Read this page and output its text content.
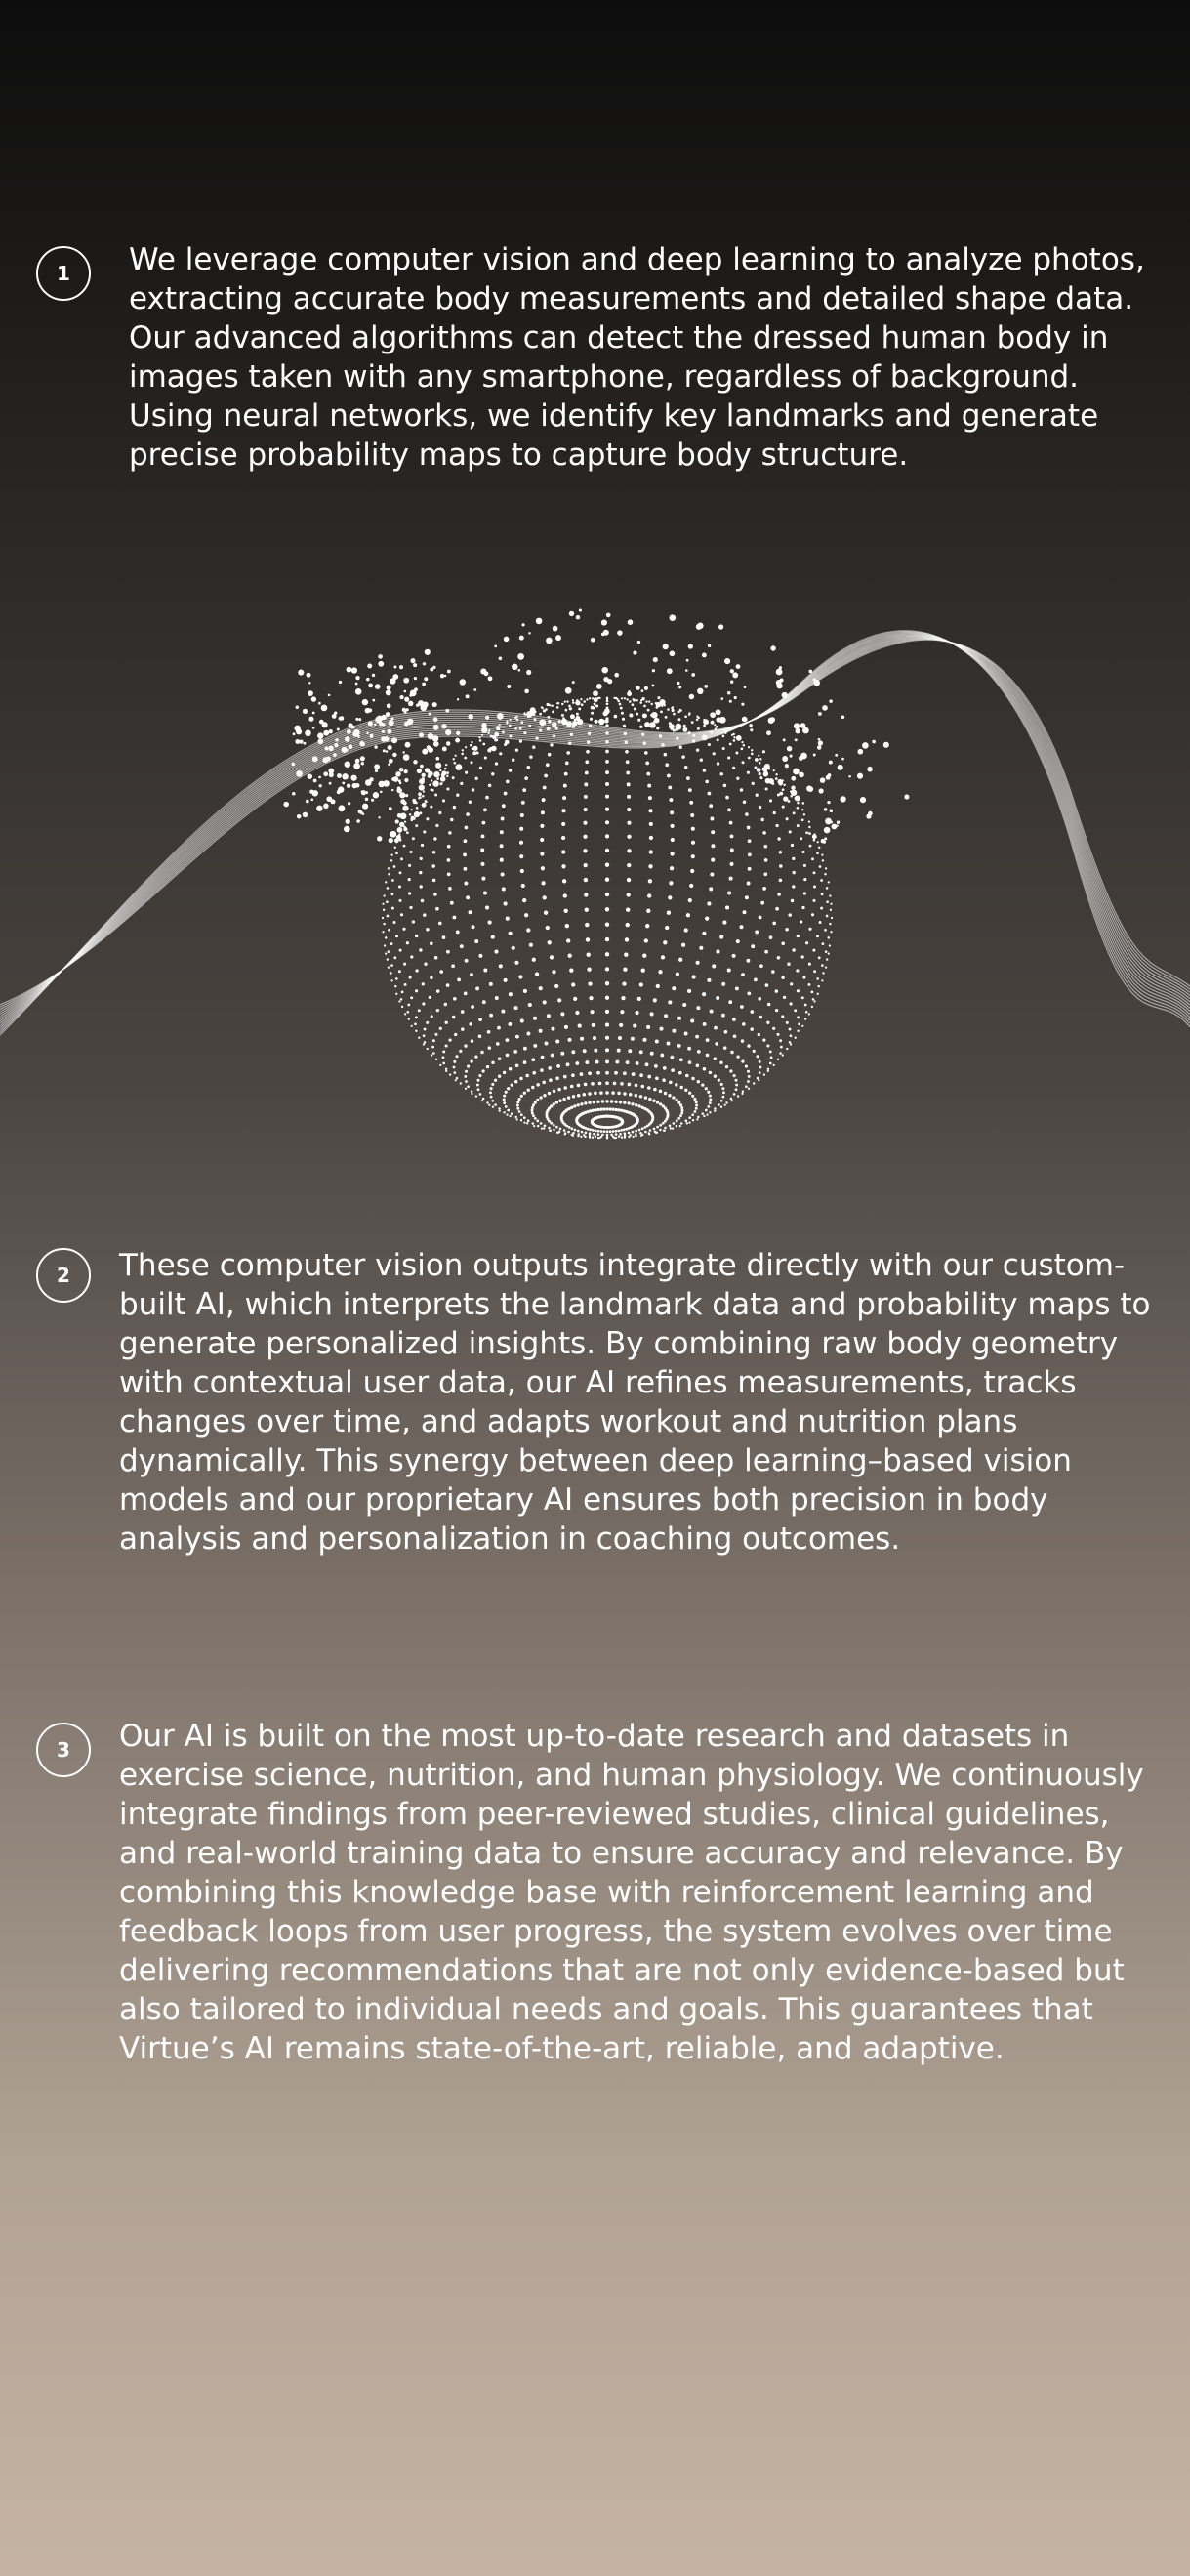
1	We leverage computer vision and deep learning to analyze photos, extracting accurate body measurements and detailed shape data. Our advanced algorithms can detect the dressed human body in images taken with any smartphone, regardless of background. Using neural networks, we identify key landmarks and generate precise probability maps to capture body structure.

2	These computer vision outputs integrate directly with our custom-built AI, which interprets the landmark data and probability maps to generate personalized insights. By combining raw body geometry with contextual user data, our AI refines measurements, tracks changes over time, and adapts workout and nutrition plans dynamically. This synergy between deep learning–based vision models and our proprietary AI ensures both precision in body analysis and personalization in coaching outcomes.

3	Our AI is built on the most up-to-date research and datasets in exercise science, nutrition, and human physiology. We continuously integrate findings from peer-reviewed studies, clinical guidelines, and real-world training data to ensure accuracy and relevance. By combining this knowledge base with reinforcement learning and feedback loops from user progress, the system evolves over time delivering recommendations that are not only evidence-based but also tailored to individual needs and goals. This guarantees that Virtue’s AI remains state-of-the-art, reliable, and adaptive.
